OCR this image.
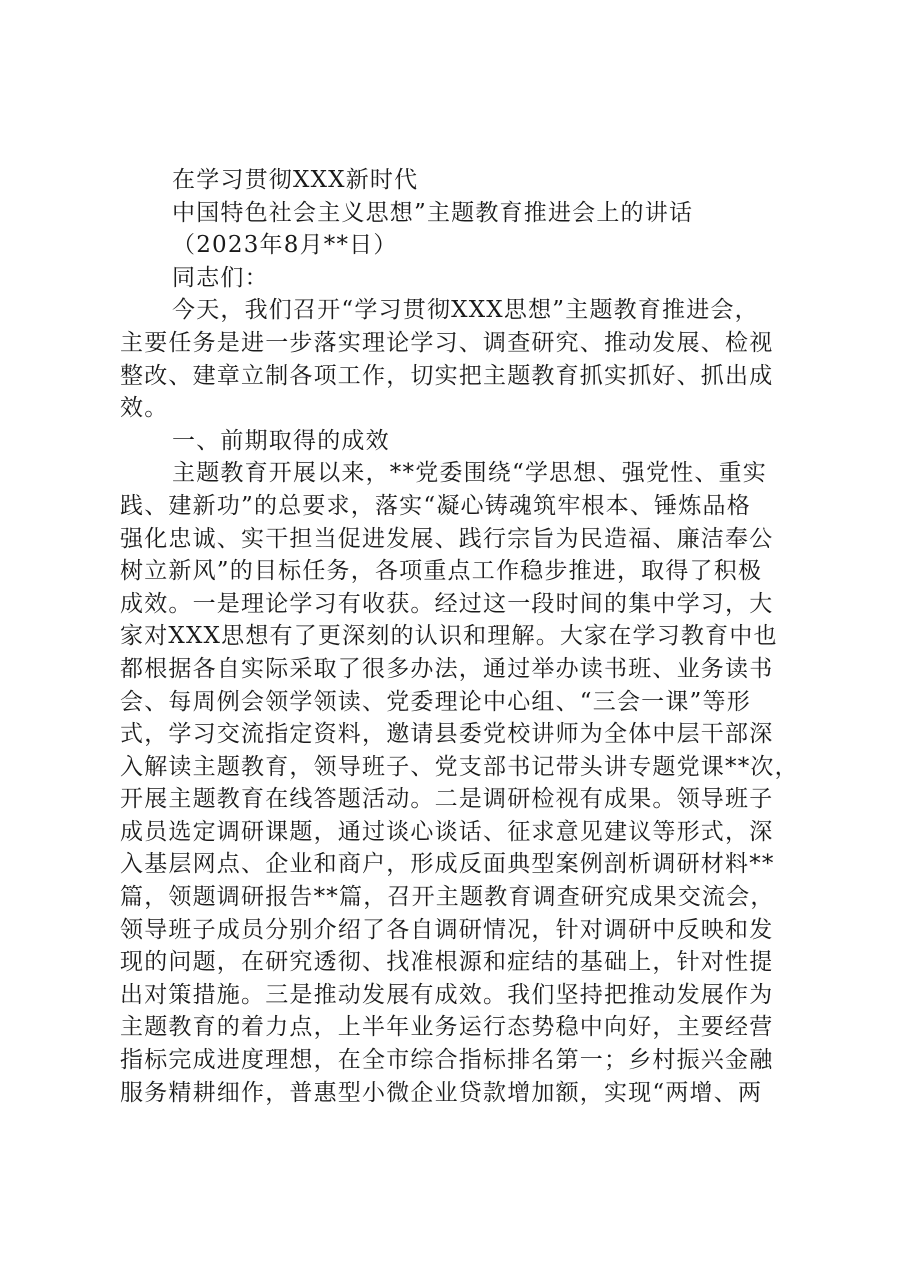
在学习贯彻XXX新时代
中国特色社会主义思想”主题教育推进会上的讲话
（2023年8月**日）
同志们：
今天，我们召开“学习贯彻XXX思想”主题教育推进会，
主要任务是进一步落实理论学习、调查研究、推动发展、检视
整改、建章立制各项工作，切实把主题教育抓实抓好、抓出成
效。
一、前期取得的成效
主题教育开展以来，**党委围绕“学思想、强党性、重实
践、建新功”的总要求，落实“凝心铸魂筑牢根本、锤炼品格
强化忠诚、实干担当促进发展、践行宗旨为民造福、廉洁奉公
树立新风”的目标任务，各项重点工作稳步推进，取得了积极
成效。一是理论学习有收获。经过这一段时间的集中学习，大
家对XXX思想有了更深刻的认识和理解。大家在学习教育中也
都根据各自实际采取了很多办法，通过举办读书班、业务读书
会、每周例会领学领读、党委理论中心组、“三会一课”等形
式，学习交流指定资料，邀请县委党校讲师为全体中层干部深
入解读主题教育，领导班子、党支部书记带头讲专题党课**次，
开展主题教育在线答题活动。二是调研检视有成果。领导班子
成员选定调研课题，通过谈心谈话、征求意见建议等形式，深
入基层网点、企业和商户，形成反面典型案例剖析调研材料**
篇，领题调研报告**篇，召开主题教育调查研究成果交流会，
领导班子成员分别介绍了各自调研情况，针对调研中反映和发
现的问题，在研究透彻、找准根源和症结的基础上，针对性提
出对策措施。三是推动发展有成效。我们坚持把推动发展作为
主题教育的着力点，上半年业务运行态势稳中向好，主要经营
指标完成进度理想，在全市综合指标排名第一；乡村振兴金融
服务精耕细作，普惠型小微企业贷款增加额，实现“两增、两
